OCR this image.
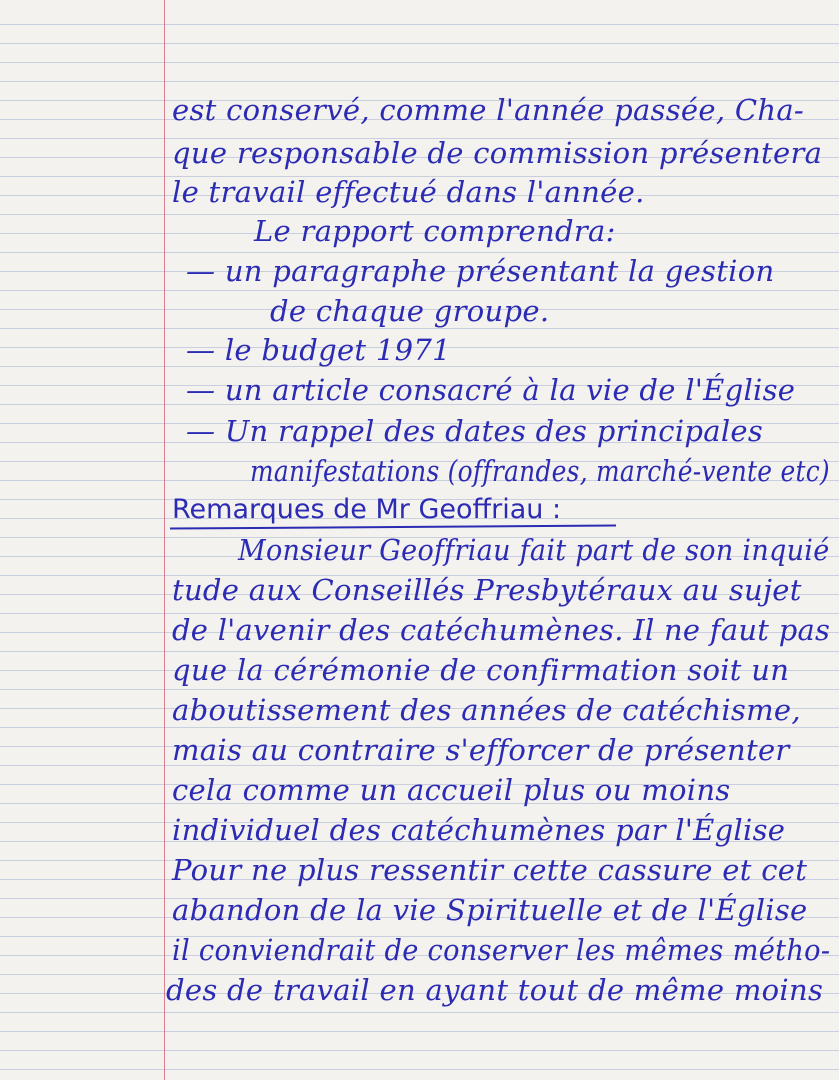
est conservé, comme l'année passée, Cha-
que responsable de commission présentera
le travail effectué dans l'année.
Le rapport comprendra:
— un paragraphe présentant la gestion
de chaque groupe.
— le budget 1971
— un article consacré à la vie de l'Église
— Un rappel des dates des principales
manifestations (offrandes, marché-vente etc)
Remarques de Mr Geoffriau :
Monsieur Geoffriau fait part de son inquié
tude aux Conseillés Presbytéraux au sujet
de l'avenir des catéchumènes. Il ne faut pas
que la cérémonie de confirmation soit un
aboutissement des années de catéchisme,
mais au contraire s'efforcer de présenter
cela comme un accueil plus ou moins
individuel des catéchumènes par l'Église
Pour ne plus ressentir cette cassure et cet
abandon de la vie Spirituelle et de l'Église
il conviendrait de conserver les mêmes métho-
des de travail en ayant tout de même moins
